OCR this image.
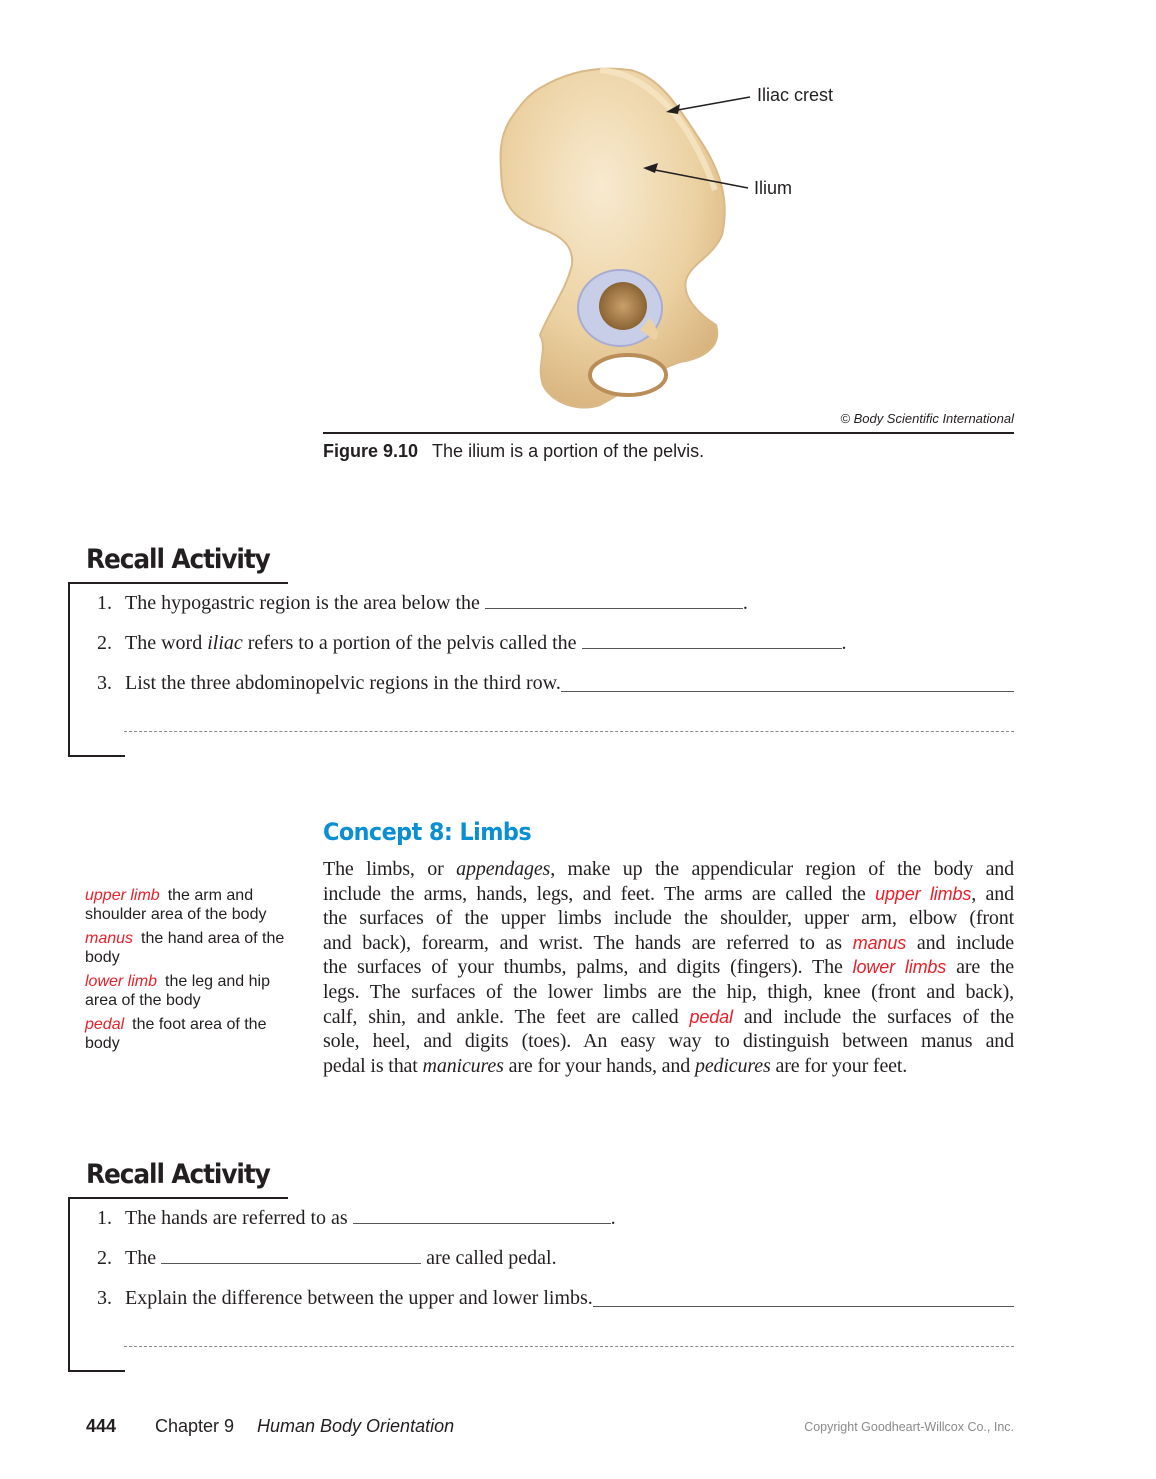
Iliac crest
Ilium
© Body Scientific International
Figure 9.10 The ilium is a portion of the pelvis.
Recall Activity
1. The hypogastric region is the area below the	.
2. The word iliac refers to a portion of the pelvis called the	.
3. List the three abdominopelvic regions in the third row.
Concept 8: Limbs
The limbs, or appendages, make up the appendicular region of the body and
include the arms, hands, legs, and feet. The arms are called the upper limbs, and
the surfaces of the upper limbs include the shoulder, upper arm, elbow (front
and back), forearm, and wrist. The hands are referred to as manus and include
the surfaces of your thumbs, palms, and digits (fingers). The lower limbs are the
legs. The surfaces of the lower limbs are the hip, thigh, knee (front and back),
calf, shin, and ankle. The feet are called pedal and include the surfaces of the
sole, heel, and digits (toes). An easy way to distinguish between manus and
pedal is that manicures are for your hands, and pedicures are for your feet.
upper limb the arm and shoulder area of the body
manus the hand area of the body
lower limb the leg and hip area of the body
pedal the foot area of the body
Recall Activity
1. The hands are referred to as	.
2. The	are called pedal.
3. Explain the difference between the upper and lower limbs.
444 Chapter 9 Human Body Orientation	Copyright Goodheart-Willcox Co., Inc.
